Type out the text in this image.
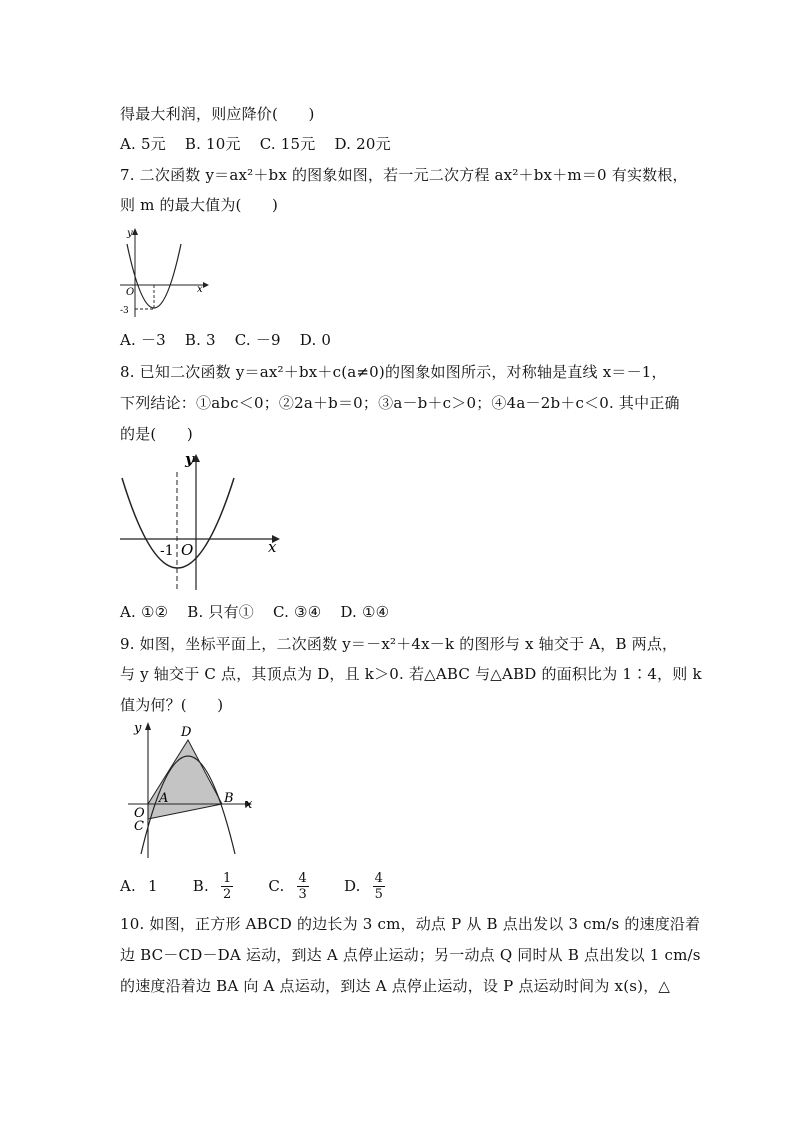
得最大利润，则应降价(　　)
A. 5元 B. 10元 C. 15元 D. 20元
7. 二次函数 y＝ax²＋bx 的图象如图，若一元二次方程 ax²＋bx＋m＝0 有实数根，
则 m 的最大值为(　　)
y
x
O
-3
A. －3 B. 3 C. －9 D. 0
8. 已知二次函数 y＝ax²＋bx＋c(a≠0)的图象如图所示，对称轴是直线 x＝－1，
下列结论：①abc＜0；②2a＋b＝0；③a－b＋c＞0；④4a－2b＋c＜0. 其中正确
的是(　　)
y
x
-1 O
A. ①② B. 只有① C. ③④ D. ①④
9. 如图，坐标平面上，二次函数 y＝－x²＋4x－k 的图形与 x 轴交于 A，B 两点，
与 y 轴交于 C 点，其顶点为 D，且 k＞0. 若△ABC 与△ABD 的面积比为 1∶4，则 k
值为何？(　　)
y
x
D
A	B
O
C
A. 1
B. $\frac{1}{2}$
C. $\frac{4}{3}$
D. $\frac{4}{5}$
10. 如图，正方形 ABCD 的边长为 3 cm，动点 P 从 B 点出发以 3 cm/s 的速度沿着
边 BC－CD－DA 运动，到达 A 点停止运动；另一动点 Q 同时从 B 点出发以 1 cm/s
的速度沿着边 BA 向 A 点运动，到达 A 点停止运动，设 P 点运动时间为 x(s)，△
